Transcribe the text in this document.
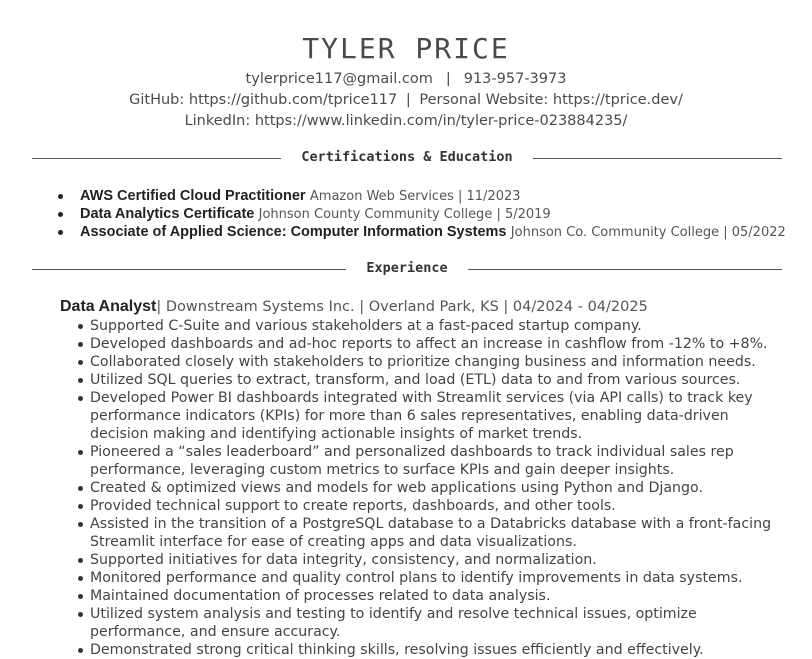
TYLER PRICE
tylerprice117@gmail.com | 913-957-3973
GitHub: https://github.com/tprice117 | Personal Website: https://tprice.dev/
LinkedIn: https://www.linkedin.com/in/tyler-price-023884235/
Certifications & Education
AWS Certified Cloud Practitioner Amazon Web Services | 11/2023
Data Analytics Certificate Johnson County Community College | 5/2019
Associate of Applied Science: Computer Information Systems Johnson Co. Community College | 05/2022
Experience
Data Analyst| Downstream Systems Inc. | Overland Park, KS | 04/2024 - 04/2025
Supported C-Suite and various stakeholders at a fast-paced startup company.
Developed dashboards and ad-hoc reports to affect an increase in cashflow from -12% to +8%.
Collaborated closely with stakeholders to prioritize changing business and information needs.
Utilized SQL queries to extract, transform, and load (ETL) data to and from various sources.
Developed Power BI dashboards integrated with Streamlit services (via API calls) to track key performance indicators (KPIs) for more than 6 sales representatives, enabling data-driven decision making and identifying actionable insights of market trends.
Pioneered a “sales leaderboard” and personalized dashboards to track individual sales rep performance, leveraging custom metrics to surface KPIs and gain deeper insights.
Created & optimized views and models for web applications using Python and Django.
Provided technical support to create reports, dashboards, and other tools.
Assisted in the transition of a PostgreSQL database to a Databricks database with a front-facing Streamlit interface for ease of creating apps and data visualizations.
Supported initiatives for data integrity, consistency, and normalization.
Monitored performance and quality control plans to identify improvements in data systems.
Maintained documentation of processes related to data analysis.
Utilized system analysis and testing to identify and resolve technical issues, optimize performance, and ensure accuracy.
Demonstrated strong critical thinking skills, resolving issues efficiently and effectively.
